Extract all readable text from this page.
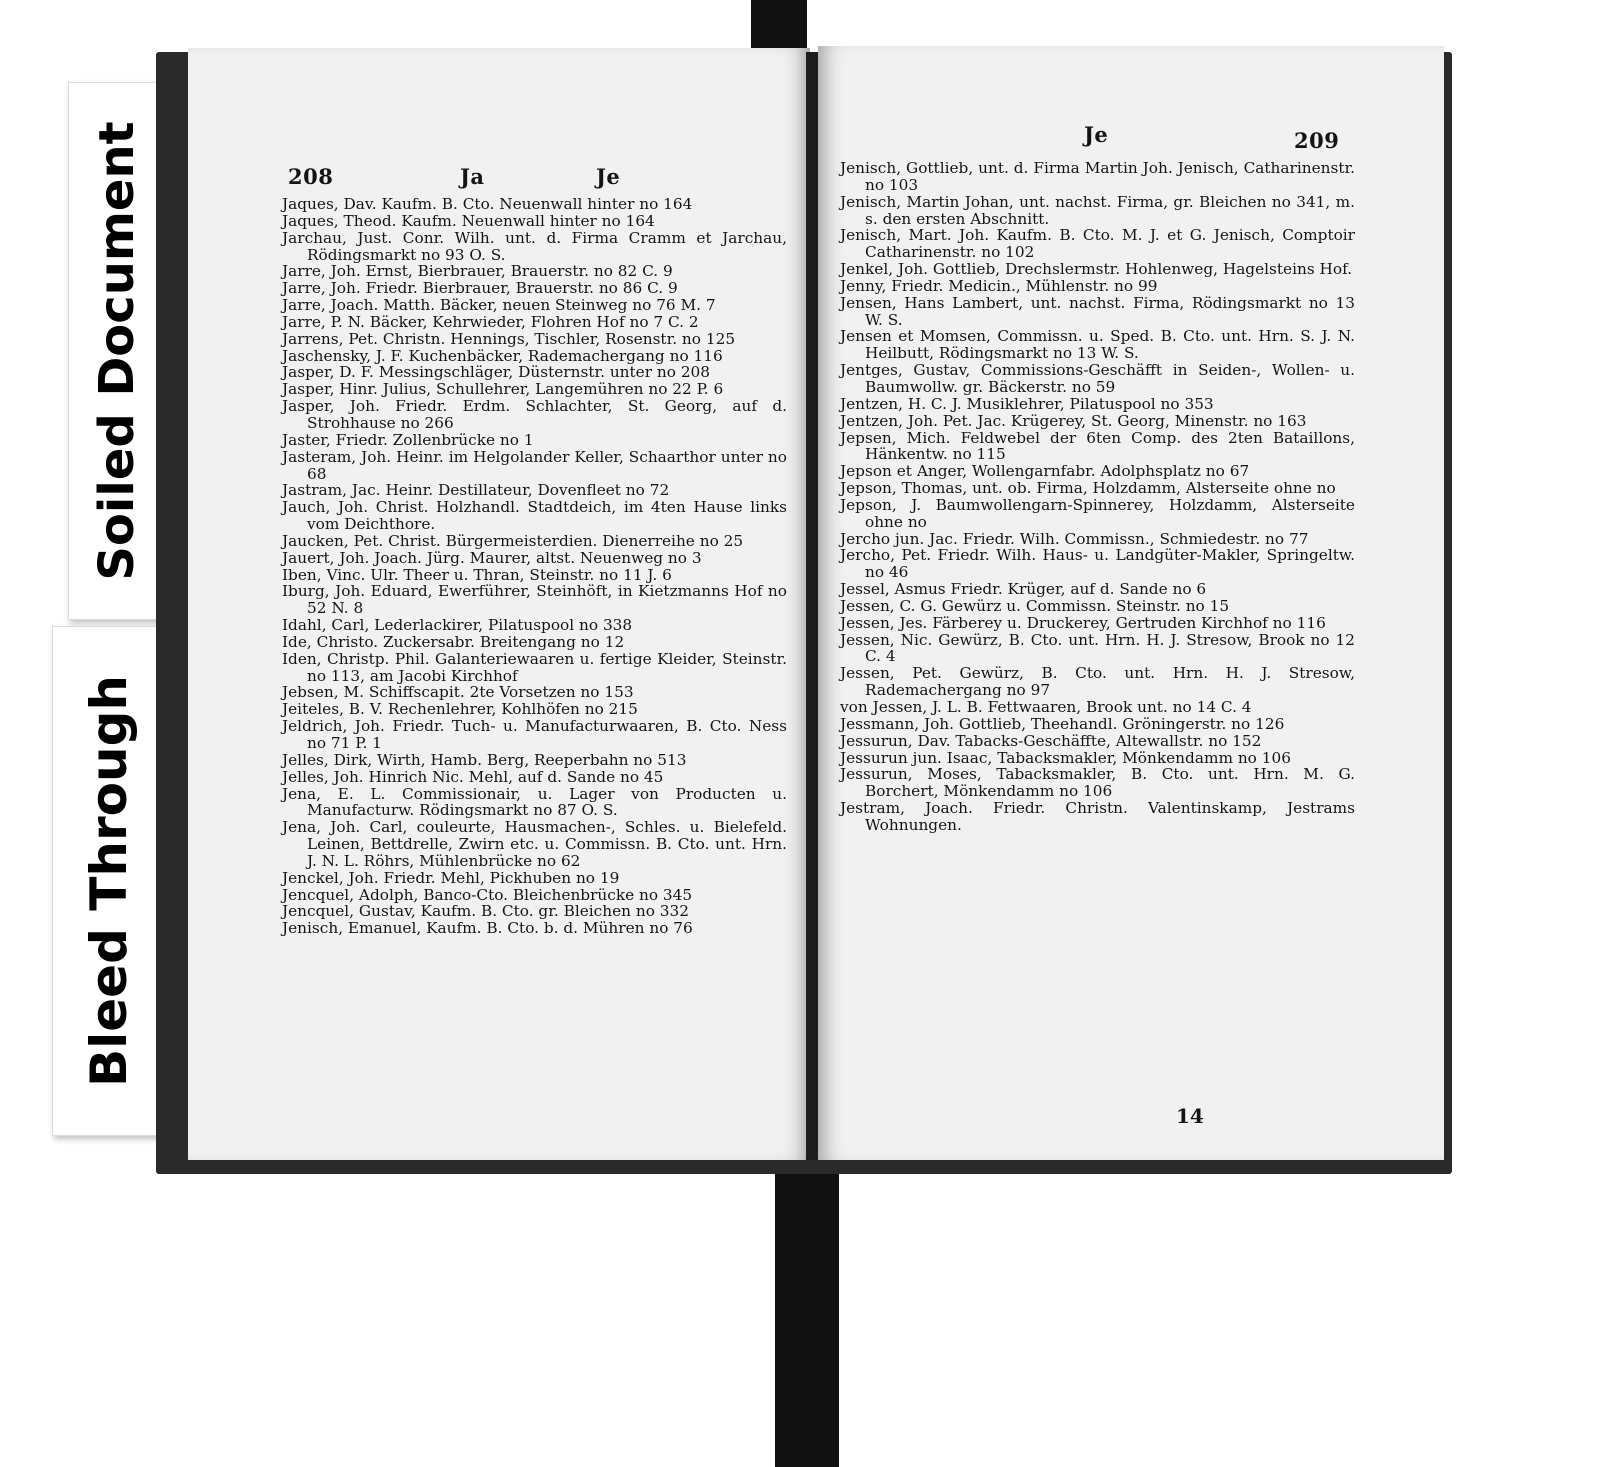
Soiled Document
Bleed Through
208	Ja	Je
Jaques, Dav. Kaufm. B. Cto. Neuenwall hinter no 164
Jaques, Theod. Kaufm. Neuenwall hinter no 164
Jarchau, Just. Conr. Wilh. unt. d. Firma Cramm et Jarchau, Rödingsmarkt no 93 O. S.
Jarre, Joh. Ernst, Bierbrauer, Brauerstr. no 82 C. 9
Jarre, Joh. Friedr. Bierbrauer, Brauerstr. no 86 C. 9
Jarre, Joach. Matth. Bäcker, neuen Steinweg no 76 M. 7
Jarre, P. N. Bäcker, Kehrwieder, Flohren Hof no 7 C. 2
Jarrens, Pet. Christn. Hennings, Tischler, Rosenstr. no 125
Jaschensky, J. F. Kuchenbäcker, Rademachergang no 116
Jasper, D. F. Messingschläger, Düsternstr. unter no 208
Jasper, Hinr. Julius, Schullehrer, Langemühren no 22 P. 6
Jasper, Joh. Friedr. Erdm. Schlachter, St. Georg, auf d. Strohhause no 266
Jaster, Friedr. Zollenbrücke no 1
Jasteram, Joh. Heinr. im Helgolander Keller, Schaarthor unter no 68
Jastram, Jac. Heinr. Destillateur, Dovenfleet no 72
Jauch, Joh. Christ. Holzhandl. Stadtdeich, im 4ten Hause links vom Deichthore.
Jaucken, Pet. Christ. Bürgermeisterdien. Dienerreihe no 25
Jauert, Joh. Joach. Jürg. Maurer, altst. Neuenweg no 3
Iben, Vinc. Ulr. Theer u. Thran, Steinstr. no 11 J. 6
Iburg, Joh. Eduard, Ewerführer, Steinhöft, in Kietzmanns Hof no 52 N. 8
Idahl, Carl, Lederlackirer, Pilatuspool no 338
Ide, Christo. Zuckersabr. Breitengang no 12
Iden, Christp. Phil. Galanteriewaaren u. fertige Kleider, Steinstr. no 113, am Jacobi Kirchhof
Jebsen, M. Schiffscapit. 2te Vorsetzen no 153
Jeiteles, B. V. Rechenlehrer, Kohlhöfen no 215
Jeldrich, Joh. Friedr. Tuch- u. Manufacturwaaren, B. Cto. Ness no 71 P. 1
Jelles, Dirk, Wirth, Hamb. Berg, Reeperbahn no 513
Jelles, Joh. Hinrich Nic. Mehl, auf d. Sande no 45
Jena, E. L. Commissionair, u. Lager von Producten u. Manufacturw. Rödingsmarkt no 87 O. S.
Jena, Joh. Carl, couleurte, Hausmachen-, Schles. u. Bielefeld. Leinen, Bettdrelle, Zwirn etc. u. Commissn. B. Cto. unt. Hrn. J. N. L. Röhrs, Mühlenbrücke no 62
Jenckel, Joh. Friedr. Mehl, Pickhuben no 19
Jencquel, Adolph, Banco-Cto. Bleichenbrücke no 345
Jencquel, Gustav, Kaufm. B. Cto. gr. Bleichen no 332
Jenisch, Emanuel, Kaufm. B. Cto. b. d. Mühren no 76
Je	209
Jenisch, Gottlieb, unt. d. Firma Martin Joh. Jenisch, Catharinenstr. no 103
Jenisch, Martin Johan, unt. nachst. Firma, gr. Bleichen no 341, m. s. den ersten Abschnitt.
Jenisch, Mart. Joh. Kaufm. B. Cto. M. J. et G. Jenisch, Comptoir Catharinenstr. no 102
Jenkel, Joh. Gottlieb, Drechslermstr. Hohlenweg, Hagelsteins Hof.
Jenny, Friedr. Medicin., Mühlenstr. no 99
Jensen, Hans Lambert, unt. nachst. Firma, Rödingsmarkt no 13 W. S.
Jensen et Momsen, Commissn. u. Sped. B. Cto. unt. Hrn. S. J. N. Heilbutt, Rödingsmarkt no 13 W. S.
Jentges, Gustav, Commissions-Geschäfft in Seiden-, Wollen- u. Baumwollw. gr. Bäckerstr. no 59
Jentzen, H. C. J. Musiklehrer, Pilatuspool no 353
Jentzen, Joh. Pet. Jac. Krügerey, St. Georg, Minenstr. no 163
Jepsen, Mich. Feldwebel der 6ten Comp. des 2ten Bataillons, Hänkentw. no 115
Jepson et Anger, Wollengarnfabr. Adolphsplatz no 67
Jepson, Thomas, unt. ob. Firma, Holzdamm, Alsterseite ohne no
Jepson, J. Baumwollengarn-Spinnerey, Holzdamm, Alsterseite ohne no
Jercho jun. Jac. Friedr. Wilh. Commissn., Schmiedestr. no 77
Jercho, Pet. Friedr. Wilh. Haus- u. Landgüter-Makler, Springeltw. no 46
Jessel, Asmus Friedr. Krüger, auf d. Sande no 6
Jessen, C. G. Gewürz u. Commissn. Steinstr. no 15
Jessen, Jes. Färberey u. Druckerey, Gertruden Kirchhof no 116
Jessen, Nic. Gewürz, B. Cto. unt. Hrn. H. J. Stresow, Brook no 12 C. 4
Jessen, Pet. Gewürz, B. Cto. unt. Hrn. H. J. Stresow, Rademachergang no 97
von Jessen, J. L. B. Fettwaaren, Brook unt. no 14 C. 4
Jessmann, Joh. Gottlieb, Theehandl. Gröningerstr. no 126
Jessurun, Dav. Tabacks-Geschäffte, Altewallstr. no 152
Jessurun jun. Isaac, Tabacksmakler, Mönkendamm no 106
Jessurun, Moses, Tabacksmakler, B. Cto. unt. Hrn. M. G. Borchert, Mönkendamm no 106
Jestram, Joach. Friedr. Christn. Valentinskamp, Jestrams Wohnungen.
14
